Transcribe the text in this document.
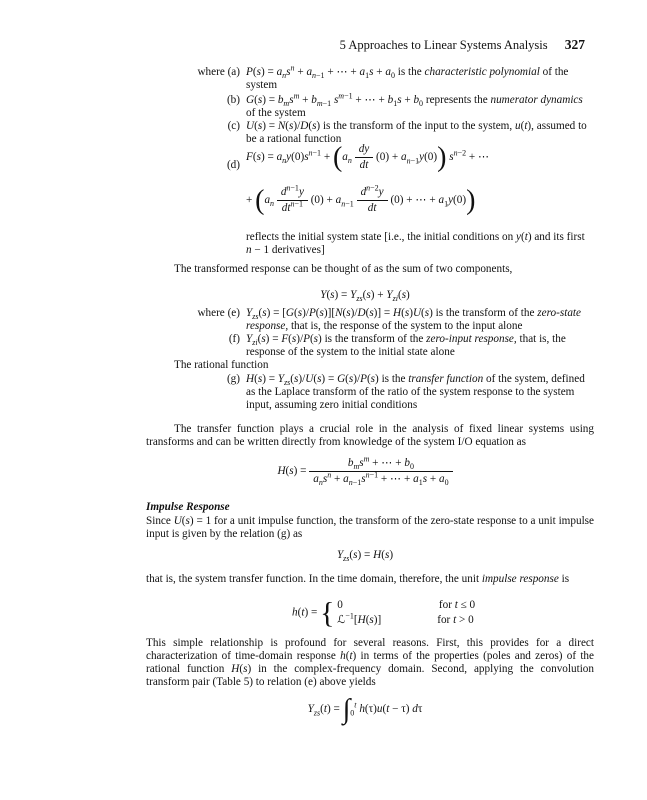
5 Approaches to Linear Systems Analysis 327
where (a) $P(s) = a_ns^n + a_{n-1}$ + ⋯ + $a_1s + a_0$ is the characteristic polynomial of the system
(b) $G(s) = b_ms^m + b_{m-1}$ $s^{m-1}$ + ⋯ + $b_1s + b_0$ represents the numerator dynamics of the system
(c) U(s) = N(s)/D(s) is the transform of the input to the system, u(t), assumed to be a rational function
(d)
$F(s) = a_ny(0)s^{n-1} + (a_n \frac{dy}{dt} (0) + a_{n-1}y(0)) s^{n-2}$ + ⋯
+ ($a_n \frac{d^{n-1}y}{dt^{n-1}} (0) + a_{n-1} \frac{d^{n-2}y}{dt} (0)$ + ⋯ + $a_1y(0)$)
reflects the initial system state [i.e., the initial conditions on y(t) and its first n − 1 derivatives]
The transformed response can be thought of as the sum of two components,
$Y(s) = Y_{zs}(s) + Y_{zi}(s)$
where (e) $Y_{zs}(s) = [G(s)/P(s)][N(s)/D(s)] = H(s)U(s)$ is the transform of the zero-state response, that is, the response of the system to the input alone
(f) $Y_{zi}(s) = F(s)/P(s)$ is the transform of the zero-input response, that is, the response of the system to the initial state alone
The rational function
(g) $H(s) = Y_{zs}(s)/U(s) = G(s)/P(s)$ is the transfer function of the system, defined as the Laplace transform of the ratio of the system response to the system input, assuming zero initial conditions
The transfer function plays a crucial role in the analysis of fixed linear systems using transforms and can be written directly from knowledge of the system I/O equation as
$H(s) = \frac{b_ms^m + \cdots + b_0}{a_ns^n + a_{n-1}s^{n-1} + \cdots + a_1s + a_0}$
Impulse Response
Since U(s) = 1 for a unit impulse function, the transform of the zero-state response to a unit impulse input is given by the relation (g) as
$Y_{zs}(s) = H(s)$
that is, the system transfer function. In the time domain, therefore, the unit impulse response is
h(t) = { 0	for t ≤ 0
ℒ$^{-1}$[H(s)]	for t > 0
This simple relationship is profound for several reasons. First, this provides for a direct characterization of time-domain response h(t) in terms of the properties (poles and zeros) of the rational function H(s) in the complex-frequency domain. Second, applying the convolution transform pair (Table 5) to relation (e) above yields
$Y_{zs}(t) = \int_0^t$ h(τ)u(t − τ) dτ
